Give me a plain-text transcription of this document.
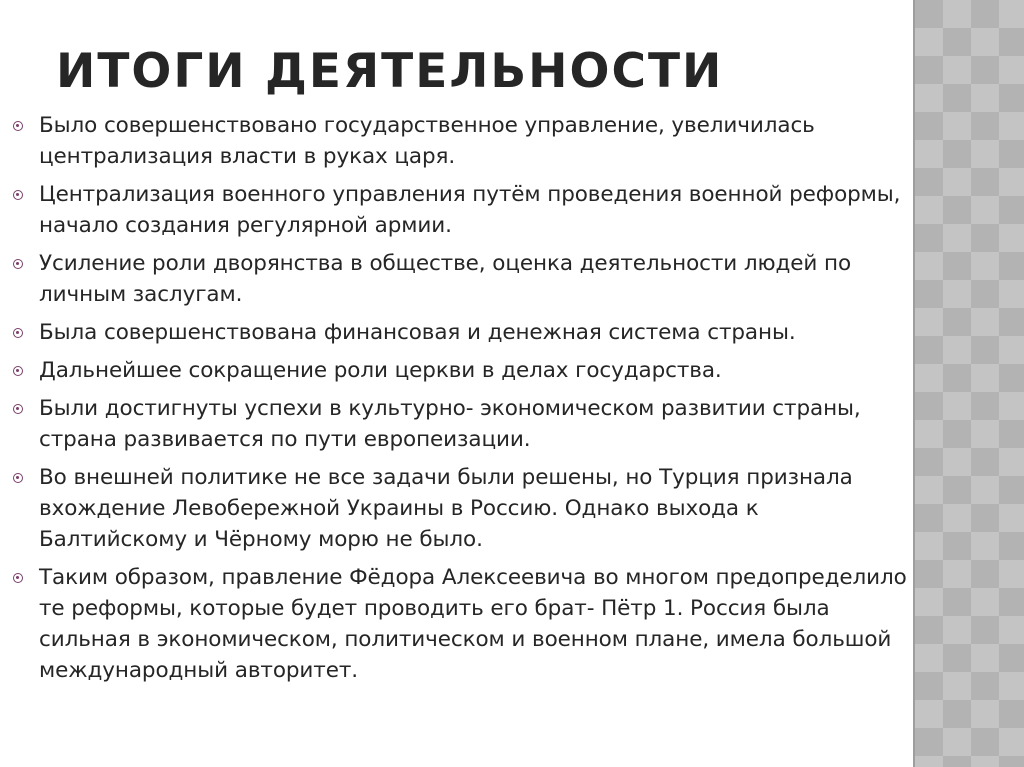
ИТОГИ ДЕЯТЕЛЬНОСТИ
Было совершенствовано государственное управление, увеличилась централизация власти в руках царя.
Централизация военного управления путём проведения военной реформы, начало создания регулярной армии.
Усиление роли дворянства в обществе, оценка деятельности людей по личным заслугам.
Была совершенствована финансовая и денежная система страны.
Дальнейшее сокращение роли церкви в делах государства.
Были достигнуты успехи в культурно- экономическом развитии страны, страна развивается по пути европеизации.
Во внешней политике не все задачи были решены, но Турция признала вхождение Левобережной Украины в Россию. Однако выхода к Балтийскому и Чёрному морю не было.
Таким образом, правление Фёдора Алексеевича во многом предопределило те реформы, которые будет проводить его брат- Пётр 1. Россия была сильная в экономическом, политическом и военном плане, имела большой международный авторитет.
